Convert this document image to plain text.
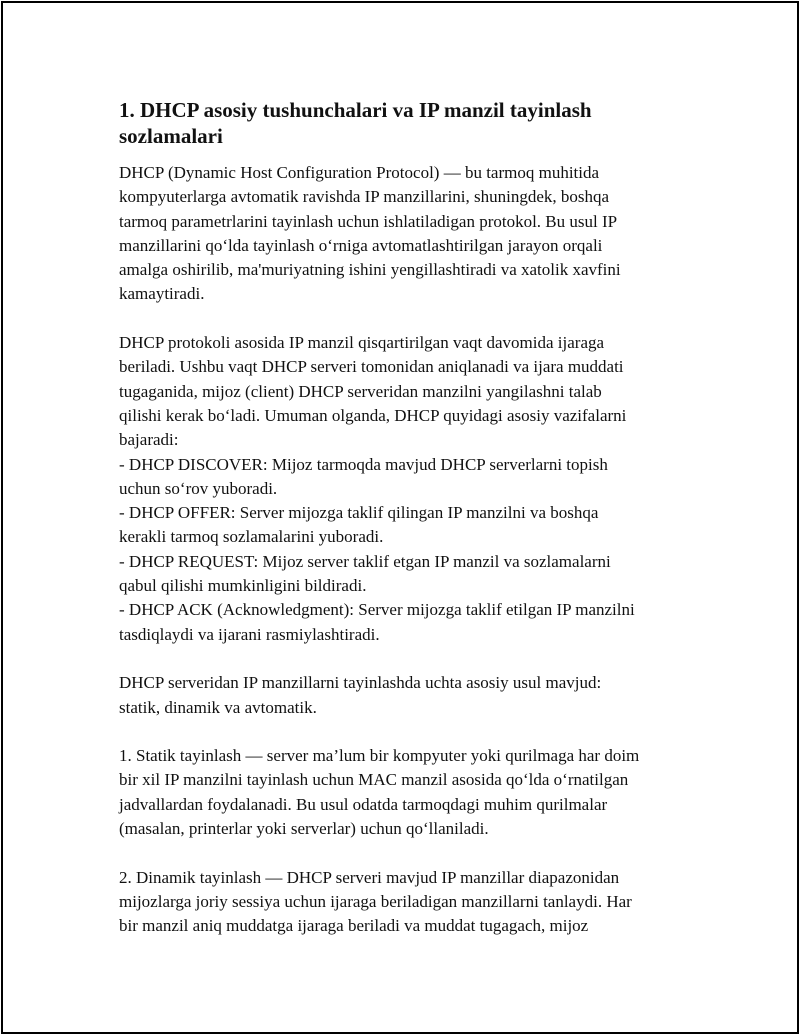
1. DHCP asosiy tushunchalari va IP manzil tayinlash
sozlamalari

DHCP (Dynamic Host Configuration Protocol) — bu tarmoq muhitida
kompyuterlarga avtomatik ravishda IP manzillarini, shuningdek, boshqa
tarmoq parametrlarini tayinlash uchun ishlatiladigan protokol. Bu usul IP
manzillarini qo‘lda tayinlash o‘rniga avtomatlashtirilgan jarayon orqali
amalga oshirilib, ma'muriyatning ishini yengillashtiradi va xatolik xavfini
kamaytiradi.

DHCP protokoli asosida IP manzil qisqartirilgan vaqt davomida ijaraga
beriladi. Ushbu vaqt DHCP serveri tomonidan aniqlanadi va ijara muddati
tugaganida, mijoz (client) DHCP serveridan manzilni yangilashni talab
qilishi kerak bo‘ladi. Umuman olganda, DHCP quyidagi asosiy vazifalarni
bajaradi:
- DHCP DISCOVER: Mijoz tarmoqda mavjud DHCP serverlarni topish
uchun so‘rov yuboradi.
- DHCP OFFER: Server mijozga taklif qilingan IP manzilni va boshqa
kerakli tarmoq sozlamalarini yuboradi.
- DHCP REQUEST: Mijoz server taklif etgan IP manzil va sozlamalarni
qabul qilishi mumkinligini bildiradi.
- DHCP ACK (Acknowledgment): Server mijozga taklif etilgan IP manzilni
tasdiqlaydi va ijarani rasmiylashtiradi.

DHCP serveridan IP manzillarni tayinlashda uchta asosiy usul mavjud:
statik, dinamik va avtomatik.

1. Statik tayinlash — server ma’lum bir kompyuter yoki qurilmaga har doim
bir xil IP manzilni tayinlash uchun MAC manzil asosida qo‘lda o‘rnatilgan
jadvallardan foydalanadi. Bu usul odatda tarmoqdagi muhim qurilmalar
(masalan, printerlar yoki serverlar) uchun qo‘llaniladi.

2. Dinamik tayinlash — DHCP serveri mavjud IP manzillar diapazonidan
mijozlarga joriy sessiya uchun ijaraga beriladigan manzillarni tanlaydi. Har
bir manzil aniq muddatga ijaraga beriladi va muddat tugagach, mijoz
